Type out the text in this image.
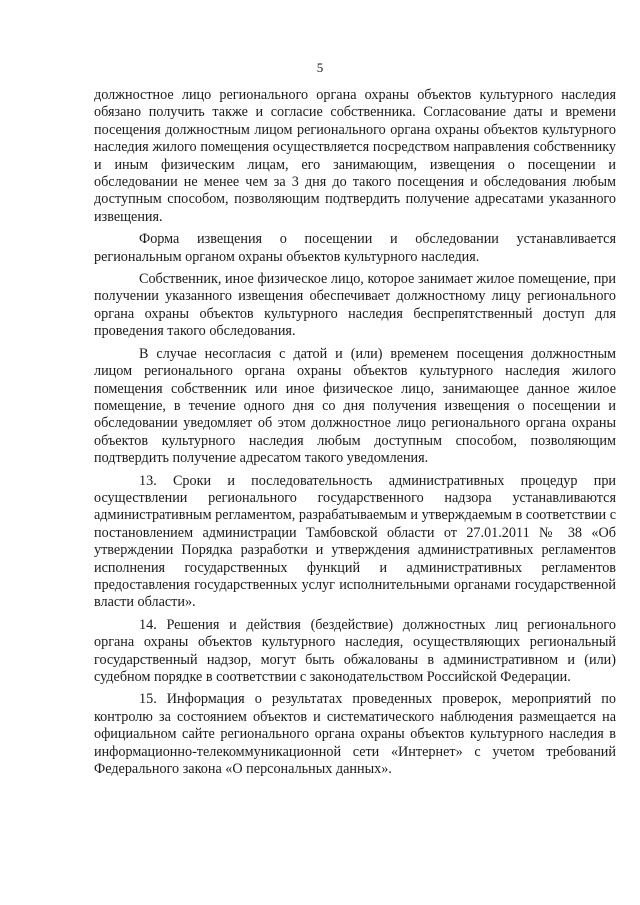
5

должностное лицо регионального органа охраны объектов культурного наследия обязано получить также и согласие собственника. Согласование даты и времени посещения должностным лицом регионального органа охраны объектов культурного наследия жилого помещения осуществляется посредством направления собственнику и иным физическим лицам, его занимающим, извещения о посещении и обследовании не менее чем за 3 дня до такого посещения и обследования любым доступным способом, позволяющим подтвердить получение адресатами указанного извещения.

Форма извещения о посещении и обследовании устанавливается региональным органом охраны объектов культурного наследия.

Собственник, иное физическое лицо, которое занимает жилое помещение, при получении указанного извещения обеспечивает должностному лицу регионального органа охраны объектов культурного наследия беспрепятственный доступ для проведения такого обследования.

В случае несогласия с датой и (или) временем посещения должностным лицом регионального органа охраны объектов культурного наследия жилого помещения собственник или иное физическое лицо, занимающее данное жилое помещение, в течение одного дня со дня получения извещения о посещении и обследовании уведомляет об этом должностное лицо регионального органа охраны объектов культурного наследия любым доступным способом, позволяющим подтвердить получение адресатом такого уведомления.

13. Сроки и последовательность административных процедур при осуществлении регионального государственного надзора устанавливаются административным регламентом, разрабатываемым и утверждаемым в соответствии с постановлением администрации Тамбовской области от 27.01.2011 № 38 «Об утверждении Порядка разработки и утверждения административных регламентов исполнения государственных функций и административных регламентов предоставления государственных услуг исполнительными органами государственной власти области».

14. Решения и действия (бездействие) должностных лиц регионального органа охраны объектов культурного наследия, осуществляющих региональный государственный надзор, могут быть обжалованы в административном и (или) судебном порядке в соответствии с законодательством Российской Федерации.

15. Информация о результатах проведенных проверок, мероприятий по контролю за состоянием объектов и систематического наблюдения размещается на официальном сайте регионального органа охраны объектов культурного наследия в информационно-телекоммуникационной сети «Интернет» с учетом требований Федерального закона «О персональных данных».
